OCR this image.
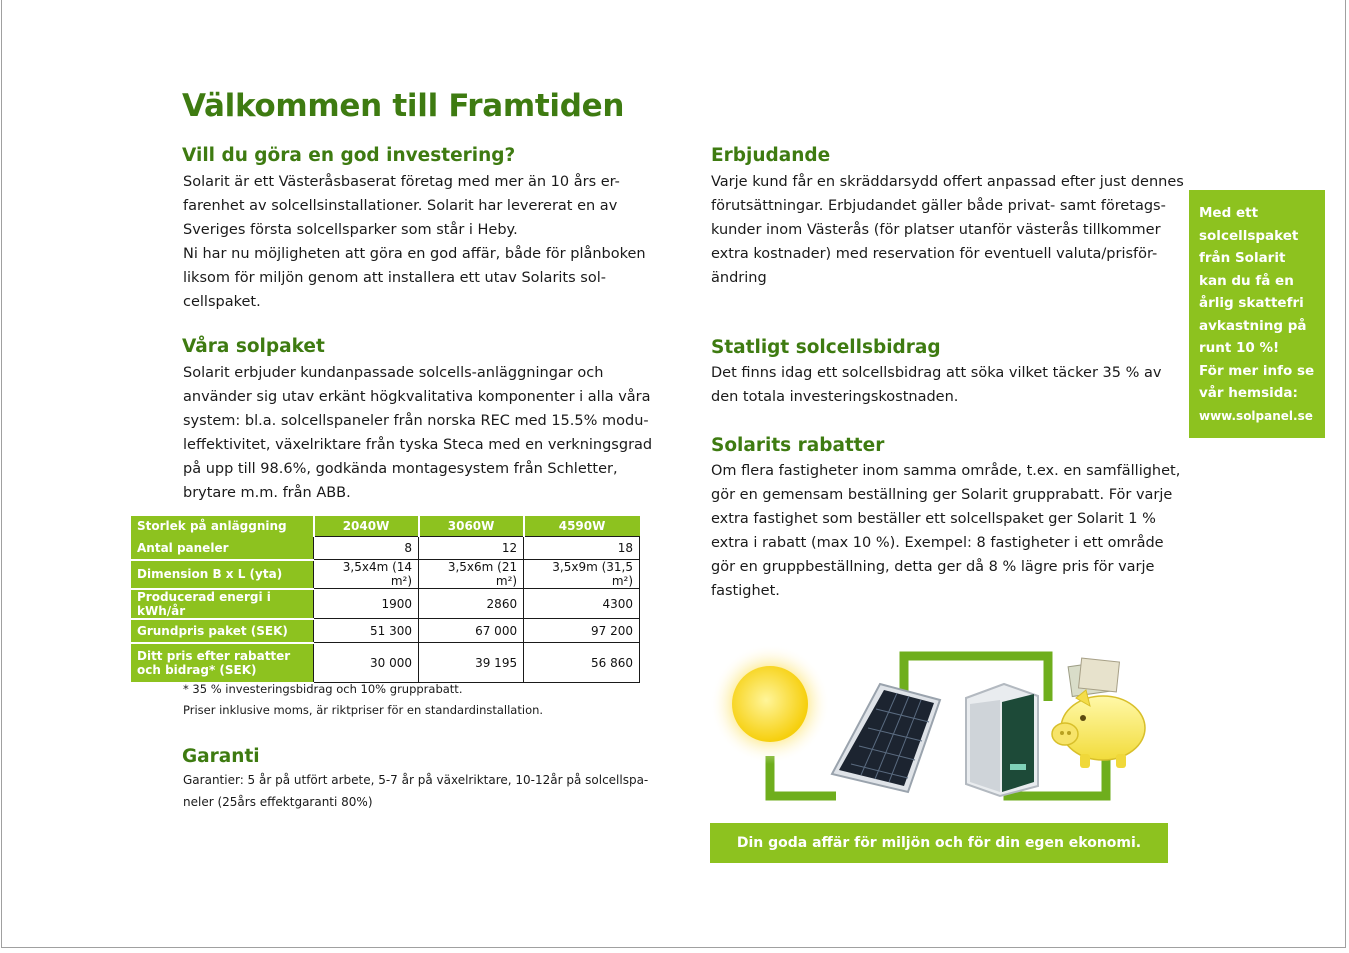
Välkommen till Framtiden
Vill du göra en god investering?
Solarit är ett Västeråsbaserat företag med mer än 10 års er-
farenhet av solcellsinstallationer. Solarit har levererat en av
Sveriges första solcellsparker som står i Heby.
Ni har nu möjligheten att göra en god affär, både för plånboken
liksom för miljön genom att installera ett utav Solarits sol-
cellspaket.
Våra solpaket
Solarit erbjuder kundanpassade solcells-anläggningar och
använder sig utav erkänt högkvalitativa komponenter i alla våra
system: bl.a. solcellspaneler från norska REC med 15.5% modu-
leffektivitet, växelriktare från tyska Steca med en verkningsgrad
på upp till 98.6%, godkända montagesystem från Schletter,
brytare m.m. från ABB.
Storlek på anläggning	2040W	3060W	4590W
Antal paneler	8	12	18
Dimension B x L (yta)	3,5x4m (14 m²)	3,5x6m (21 m²)	3,5x9m (31,5 m²)
Producerad energi i kWh/år	1900	2860	4300
Grundpris paket (SEK)	51 300	67 000	97 200
Ditt pris efter rabatter och bidrag* (SEK)	30 000	39 195	56 860
* 35 % investeringsbidrag och 10% grupprabatt.
Priser inklusive moms, är riktpriser för en standardinstallation.
Garanti
Garantier: 5 år på utfört arbete, 5-7 år på växelriktare, 10-12år på solcellspa-
neler (25års effektgaranti 80%)
Erbjudande
Varje kund får en skräddarsydd offert anpassad efter just dennes
förutsättningar. Erbjudandet gäller både privat- samt företags-
kunder inom Västerås (för platser utanför västerås tillkommer
extra kostnader) med reservation för eventuell valuta/prisför-
ändring
Statligt solcellsbidrag
Det finns idag ett solcellsbidrag att söka vilket täcker 35 % av
den totala investeringskostnaden.
Solarits rabatter
Om flera fastigheter inom samma område, t.ex. en samfällighet,
gör en gemensam beställning ger Solarit grupprabatt. För varje
extra fastighet som beställer ett solcellspaket ger Solarit 1 %
extra i rabatt (max 10 %). Exempel: 8 fastigheter i ett område
gör en gruppbeställning, detta ger då 8 % lägre pris för varje
fastighet.

Med ett
solcellspaket
från Solarit
kan du få en
årlig skattefri
avkastning på
runt 10 %!
För mer info se
vår hemsida:

www.solpanel.se

Din goda affär för miljön och för din egen ekonomi.
